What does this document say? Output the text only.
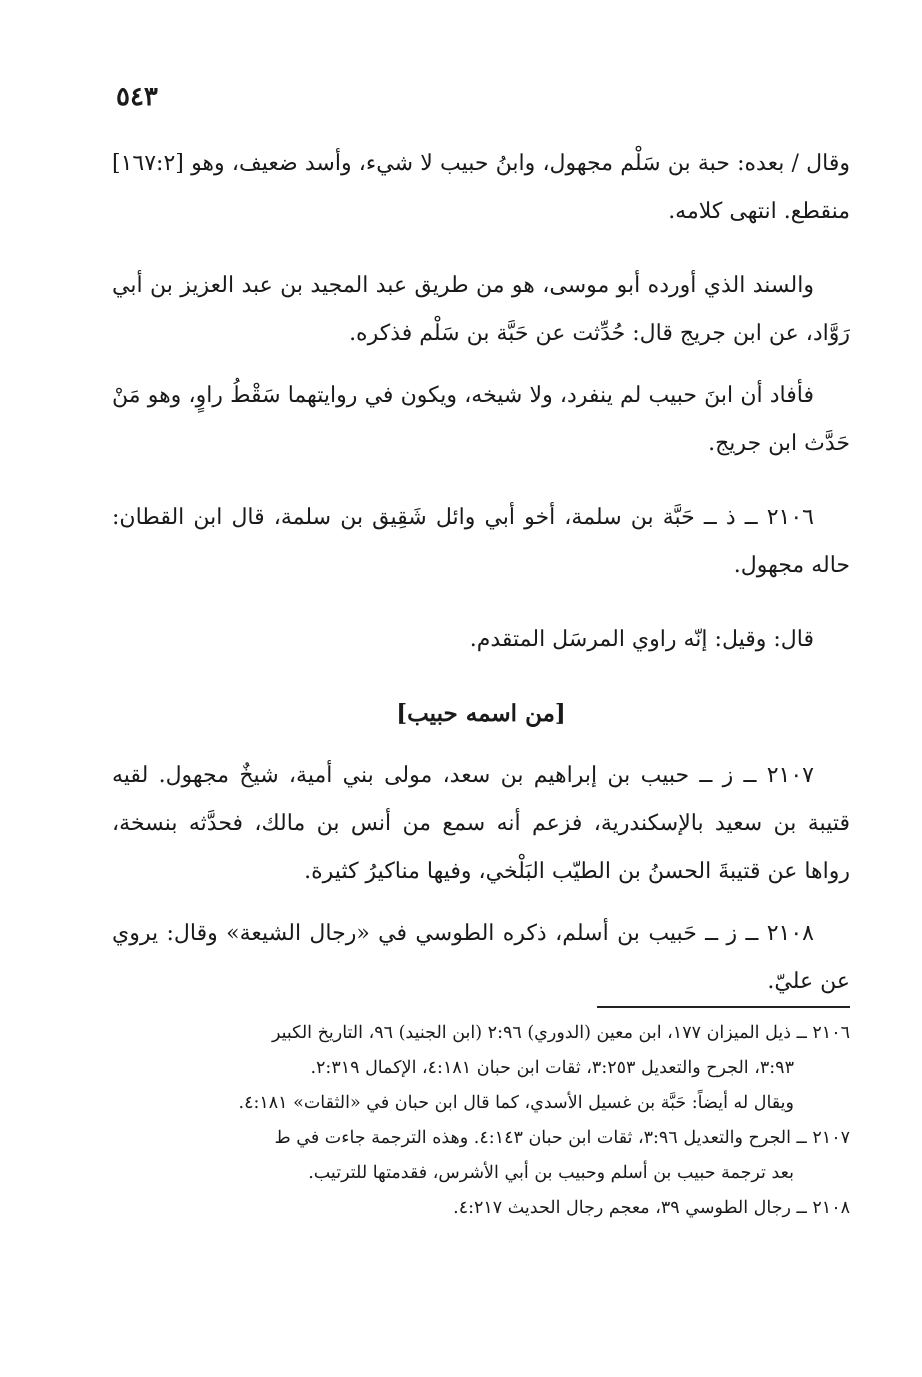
٥٤٣

وقال / بعده: حبة بن سَلْم مجهول، وابنُ حبيب لا شيء، وأسد ضعيف، وهو [١٦٧:٢] منقطع. انتهى كلامه.

والسند الذي أورده أبو موسى، هو من طريق عبد المجيد بن عبد العزيز بن أبي رَوَّاد، عن ابن جريج قال: حُدِّثت عن حَبَّة بن سَلْم فذكره.

فأفاد أن ابنَ حبيب لم ينفرد، ولا شيخه، ويكون في روايتهما سَقْطُ راوٍ، وهو مَنْ حَدَّث ابن جريج.

٢١٠٦ ــ ذ ــ حَبَّة بن سلمة، أخو أبي وائل شَقِيق بن سلمة، قال ابن القطان: حاله مجهول.

قال: وقيل: إنّه راوي المرسَل المتقدم.

[من اسمه حبيب]

٢١٠٧ ــ ز ــ حبيب بن إبراهيم بن سعد، مولى بني أمية، شيخٌ مجهول. لقيه قتيبة بن سعيد بالإسكندرية، فزعم أنه سمع من أنس بن مالك، فحدَّثه بنسخة، رواها عن قتيبةَ الحسنُ بن الطيّب البَلْخي، وفيها مناكيرُ كثيرة.

٢١٠٨ ــ ز ــ حَبيب بن أسلم، ذكره الطوسي في «رجال الشيعة» وقال: يروي عن عليّ.

٢١٠٦ ــ ذيل الميزان ١٧٧، ابن معين (الدوري) ٢:٩٦ (ابن الجنيد) ٩٦، التاريخ الكبير

٣:٩٣، الجرح والتعديل ٣:٢٥٣، ثقات ابن حبان ٤:١٨١، الإكمال ٢:٣١٩.

ويقال له أيضاً: حَبَّة بن غسيل الأسدي، كما قال ابن حبان في «الثقات» ٤:١٨١.

٢١٠٧ ــ الجرح والتعديل ٣:٩٦، ثقات ابن حبان ٤:١٤٣. وهذه الترجمة جاءت في ط

بعد ترجمة حبيب بن أسلم وحبيب بن أبي الأشرس، فقدمتها للترتيب.

٢١٠٨ ــ رجال الطوسي ٣٩، معجم رجال الحديث ٤:٢١٧.
